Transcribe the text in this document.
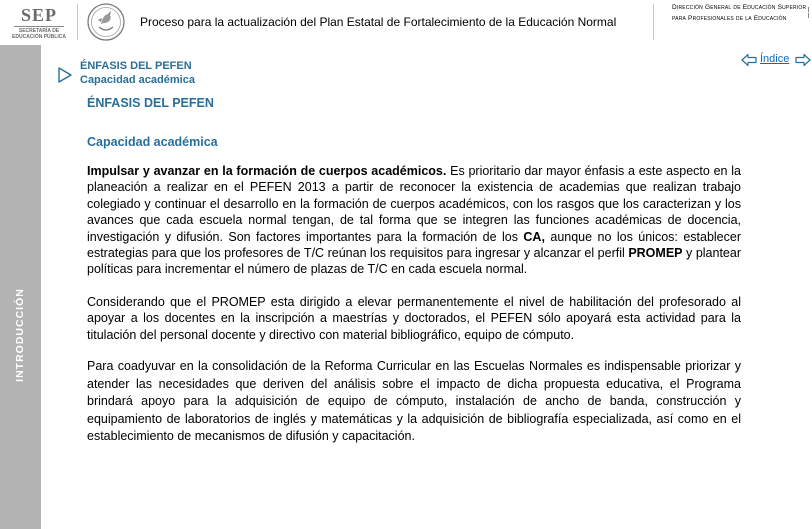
SEP
SECRETARÍA DE EDUCACIÓN PÚBLICA
Proceso para la actualización del Plan Estatal de Fortalecimiento de la Educación Normal
Dirección General de Educación Superior para Profesionales de la Educación
INTRODUCCIÓN
ÉNFASIS DEL PEFEN
Capacidad académica
Índice
ÉNFASIS DEL PEFEN
Capacidad académica

Impulsar y avanzar en la formación de cuerpos académicos. Es prioritario dar mayor énfasis a este aspecto en la planeación a realizar en el PEFEN 2013 a partir de reconocer la existencia de academias que realizan trabajo colegiado y continuar el desarrollo en la formación de cuerpos académicos, con los rasgos que los caracterizan y los avances que cada escuela normal tengan, de tal forma que se integren las funciones académicas de docencia, investigación y difusión. Son factores importantes para la formación de los CA, aunque no los únicos: establecer estrategias para que los profesores de T/C reúnan los requisitos para ingresar y alcanzar el perfil PROMEP y plantear políticas para incrementar el número de plazas de T/C en cada escuela normal.

Considerando que el PROMEP esta dirigido a elevar permanentemente el nivel de habilitación del profesorado al apoyar a los docentes en la inscripción a maestrías y doctorados, el PEFEN sólo apoyará esta actividad para la titulación del personal docente y directivo con material bibliográfico, equipo de cómputo.

Para coadyuvar en la consolidación de la Reforma Curricular en las Escuelas Normales es indispensable priorizar y atender las necesidades que deriven del análisis sobre el impacto de dicha propuesta educativa, el Programa brindará apoyo para la adquisición de equipo de cómputo, instalación de ancho de banda, construcción y equipamiento de laboratorios de inglés y matemáticas y la adquisición de bibliografía especializada, así como en el establecimiento de mecanismos de difusión y capacitación.
